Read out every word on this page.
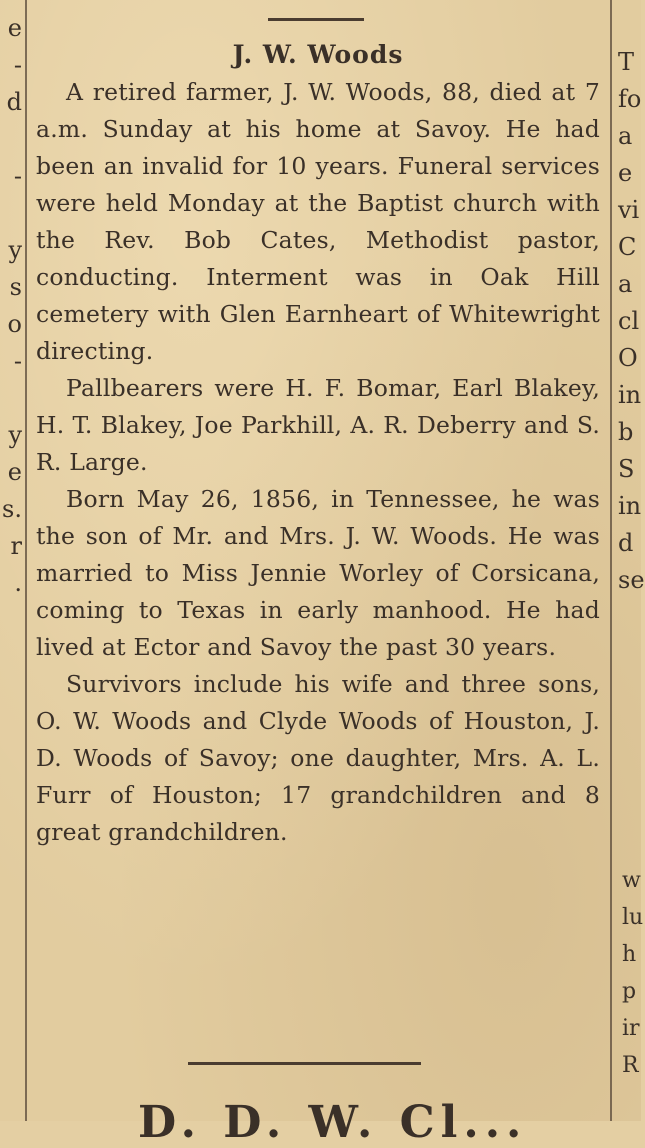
e
-
d
-
y
s
o
-
y
e
s.
r
.
T
fo
a
e
vi
C
a
cl
O
in
b
S
in
d
se
w
lu
h
p
ir
R
J. W. Woods

A retired farmer, J. W. Woods, 88, died at 7 a.m. Sunday at his home at Savoy. He had been an invalid for 10 years. Funeral services were held Monday at the Baptist church with the Rev. Bob Cates, Methodist pastor, conducting. Interment was in Oak Hill cemetery with Glen Earnheart of Whitewright directing.

Pallbearers were H. F. Bomar, Earl Blakey, H. T. Blakey, Joe Parkhill, A. R. Deberry and S. R. Large.

Born May 26, 1856, in Tennessee, he was the son of Mr. and Mrs. J. W. Woods. He was married to Miss Jennie Worley of Corsicana, coming to Texas in early manhood. He had lived at Ector and Savoy the past 30 years.

Survivors include his wife and three sons, O. W. Woods and Clyde Woods of Houston, J. D. Woods of Savoy; one daughter, Mrs. A. L. Furr of Houston; 17 grandchildren and 8 great grandchildren.

D. D. W. Cl...
